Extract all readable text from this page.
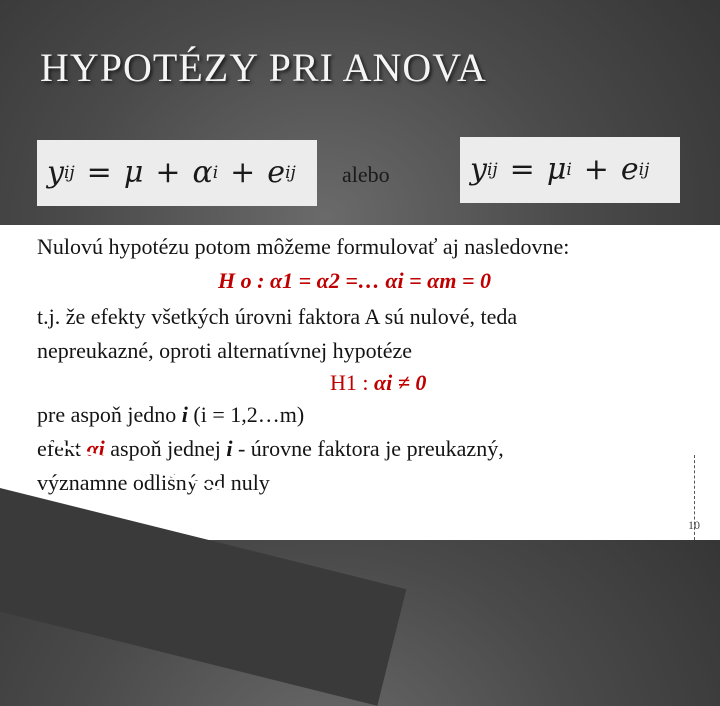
HYPOTÉZY PRI ANOVA
y ij = μ + α i + e ij alebo	y ij = μ i + e ij
Nulovú hypotézu potom môžeme formulovať aj nasledovne:
H o : α1 = α2 =… αi = αm = 0
t.j. že efekty všetkých úrovni faktora A sú nulové, teda
nepreukazné, oproti alternatívnej hypotéze
H1 : αi ≠ 0
pre aspoň jedno i (i = 1,2…m)
efekt αi aspoň jednej i - úrovne faktora je preukazný,
významne odlišný od nuly
10
